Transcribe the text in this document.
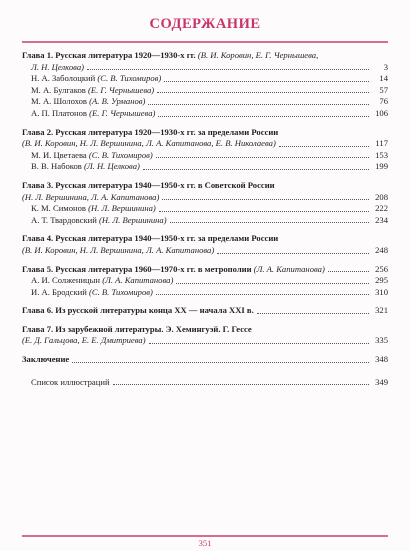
СОДЕРЖАНИЕ
Глава 1. Русская литература 1920—1930-х гг. (В. И. Коровин, Е. Г. Чернышева,
Л. Н. Целкова)	3
Н. А. Заболоцкий (С. В. Тихомиров)	14
М. А. Булгаков (Е. Г. Чернышева)	57
М. А. Шолохов (А. В. Урманов)	76
А. П. Платонов (Е. Г. Чернышева)	106
Глава 2. Русская литература 1920—1930-х гг. за пределами России
(В. И. Коровин, Н. Л. Вершинина, Л. А. Капитанова, Е. В. Николаева)	117
М. И. Цветаева (С. В. Тихомиров)	153
В. В. Набоков (Л. Н. Целкова)	199
Глава 3. Русская литература 1940—1950-х гг. в Советской России
(Н. Л. Вершинина, Л. А. Капитанова)	208
К. М. Симонов (Н. Л. Вершинина)	222
А. Т. Твардовский (Н. Л. Вершинина)	234
Глава 4. Русская литература 1940—1950-х гг. за пределами России
(В. И. Коровин, Н. Л. Вершинина, Л. А. Капитанова)	248
Глава 5. Русская литература 1960—1970-х гг. в метрополии (Л. А. Капитанова)	256
А. И. Солженицын (Л. А. Капитанова)	295
И. А. Бродский (С. В. Тихомиров)	310
Глава 6. Из русской литературы конца XX — начала XXI в.	321
Глава 7. Из зарубежной литературы. Э. Хемингуэй. Г. Гессе
(Е. Д. Гальцова, Е. Е. Дмитриева)	335
Заключение	348
Список иллюстраций	349
351
